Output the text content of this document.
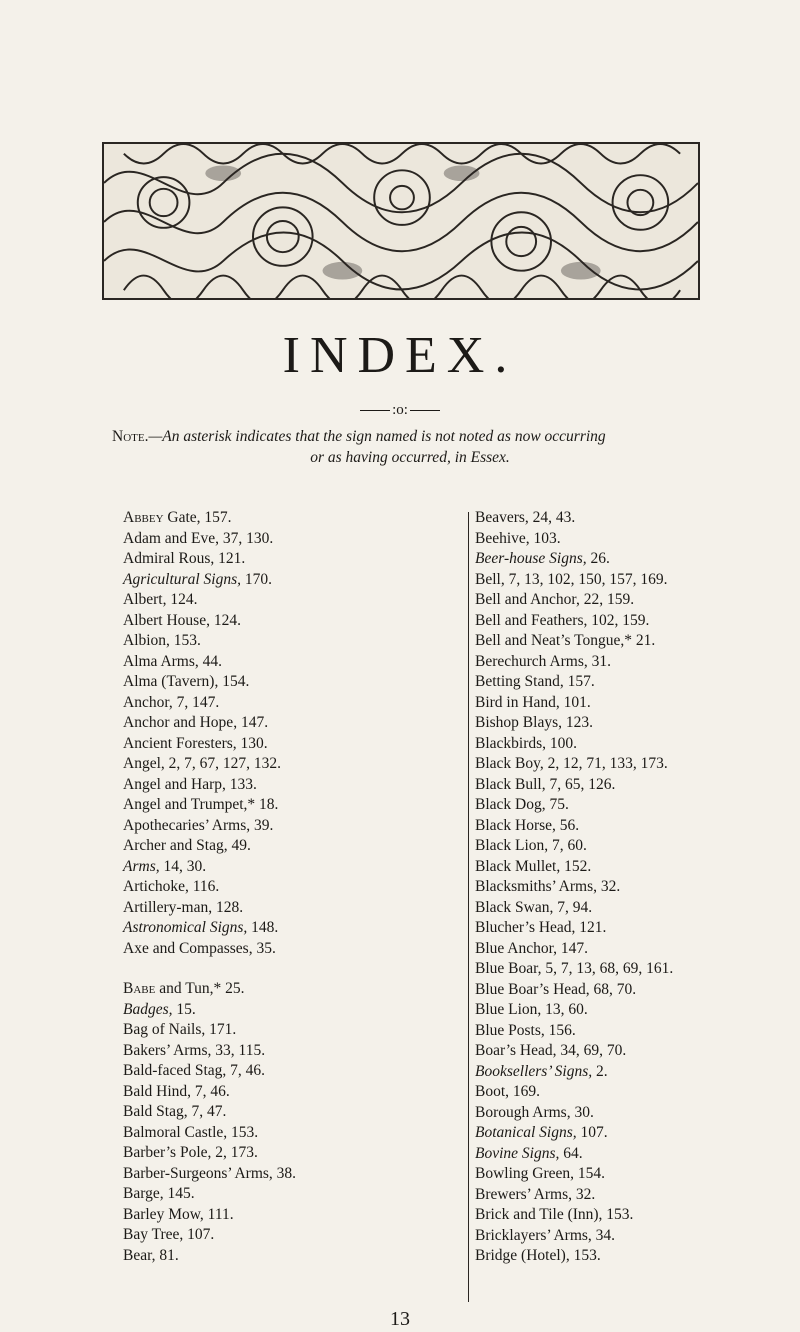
INDEX.
:o:
Note.—An asterisk indicates that the sign named is not noted as now occurring
or as having occurred, in Essex.
Abbey Gate, 157.
Adam and Eve, 37, 130.
Admiral Rous, 121.
Agricultural Signs, 170.
Albert, 124.
Albert House, 124.
Albion, 153.
Alma Arms, 44.
Alma (Tavern), 154.
Anchor, 7, 147.
Anchor and Hope, 147.
Ancient Foresters, 130.
Angel, 2, 7, 67, 127, 132.
Angel and Harp, 133.
Angel and Trumpet,* 18.
Apothecaries’ Arms, 39.
Archer and Stag, 49.
Arms, 14, 30.
Artichoke, 116.
Artillery-man, 128.
Astronomical Signs, 148.
Axe and Compasses, 35.
Babe and Tun,* 25.
Badges, 15.
Bag of Nails, 171.
Bakers’ Arms, 33, 115.
Bald-faced Stag, 7, 46.
Bald Hind, 7, 46.
Bald Stag, 7, 47.
Balmoral Castle, 153.
Barber’s Pole, 2, 173.
Barber-Surgeons’ Arms, 38.
Barge, 145.
Barley Mow, 111.
Bay Tree, 107.
Bear, 81.
Beavers, 24, 43.
Beehive, 103.
Beer-house Signs, 26.
Bell, 7, 13, 102, 150, 157, 169.
Bell and Anchor, 22, 159.
Bell and Feathers, 102, 159.
Bell and Neat’s Tongue,* 21.
Berechurch Arms, 31.
Betting Stand, 157.
Bird in Hand, 101.
Bishop Blays, 123.
Blackbirds, 100.
Black Boy, 2, 12, 71, 133, 173.
Black Bull, 7, 65, 126.
Black Dog, 75.
Black Horse, 56.
Black Lion, 7, 60.
Black Mullet, 152.
Blacksmiths’ Arms, 32.
Black Swan, 7, 94.
Blucher’s Head, 121.
Blue Anchor, 147.
Blue Boar, 5, 7, 13, 68, 69, 161.
Blue Boar’s Head, 68, 70.
Blue Lion, 13, 60.
Blue Posts, 156.
Boar’s Head, 34, 69, 70.
Booksellers’ Signs, 2.
Boot, 169.
Borough Arms, 30.
Botanical Signs, 107.
Bovine Signs, 64.
Bowling Green, 154.
Brewers’ Arms, 32.
Brick and Tile (Inn), 153.
Bricklayers’ Arms, 34.
Bridge (Hotel), 153.
13
